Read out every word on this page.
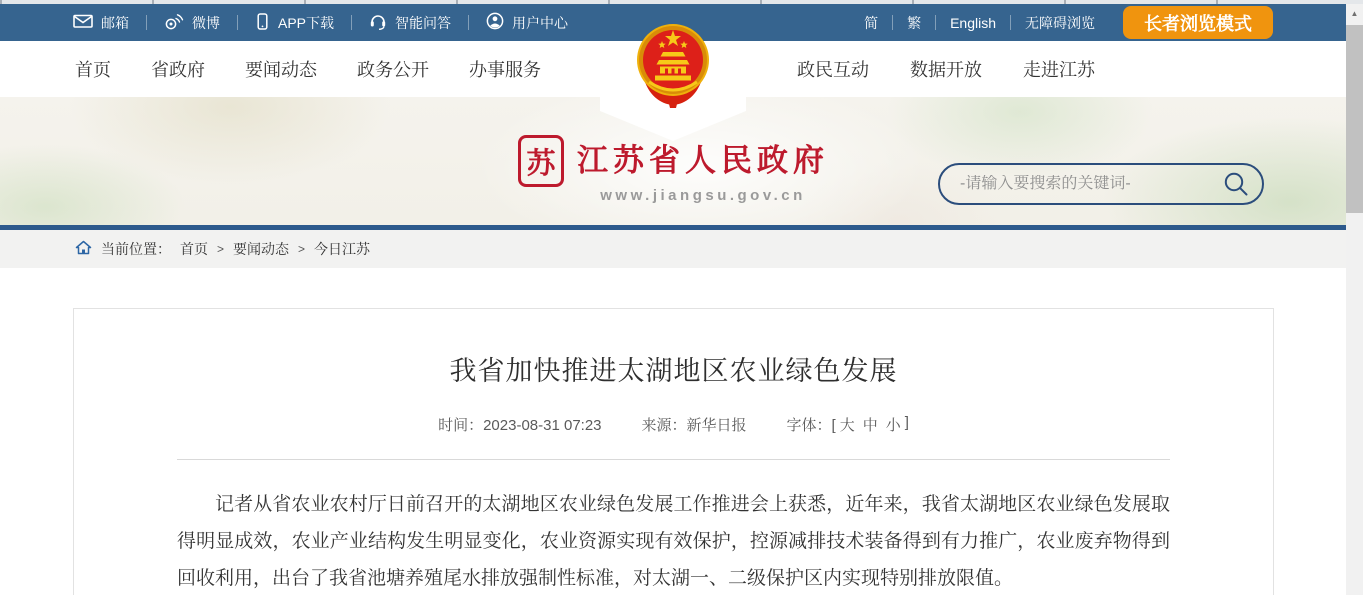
邮箱	微博	APP下载	智能问答	用户中心	简	繁	English	无障碍浏览	长者浏览模式
首页 省政府 要闻动态 政务公开 办事服务	政民互动 数据开放 走进江苏
苏 江苏省人民政府
www.jiangsu.gov.cn
-请输入要搜索的关键词-
当前位置： 首页 > 要闻动态 > 今日江苏
我省加快推进太湖地区农业绿色发展
时间：2023-08-31 07:23	来源：新华日报	字体：[ 大 中 小 ]

记者从省农业农村厅日前召开的太湖地区农业绿色发展工作推进会上获悉，近年来，我省太湖地区农业绿色发展取得明显成效，农业产业结构发生明显变化，农业资源实现有效保护，控源减排技术装备得到有力推广，农业废弃物得到回收利用，出台了我省池塘养殖尾水排放强制性标准，对太湖一、二级保护区内实现特别排放限值。

▲
